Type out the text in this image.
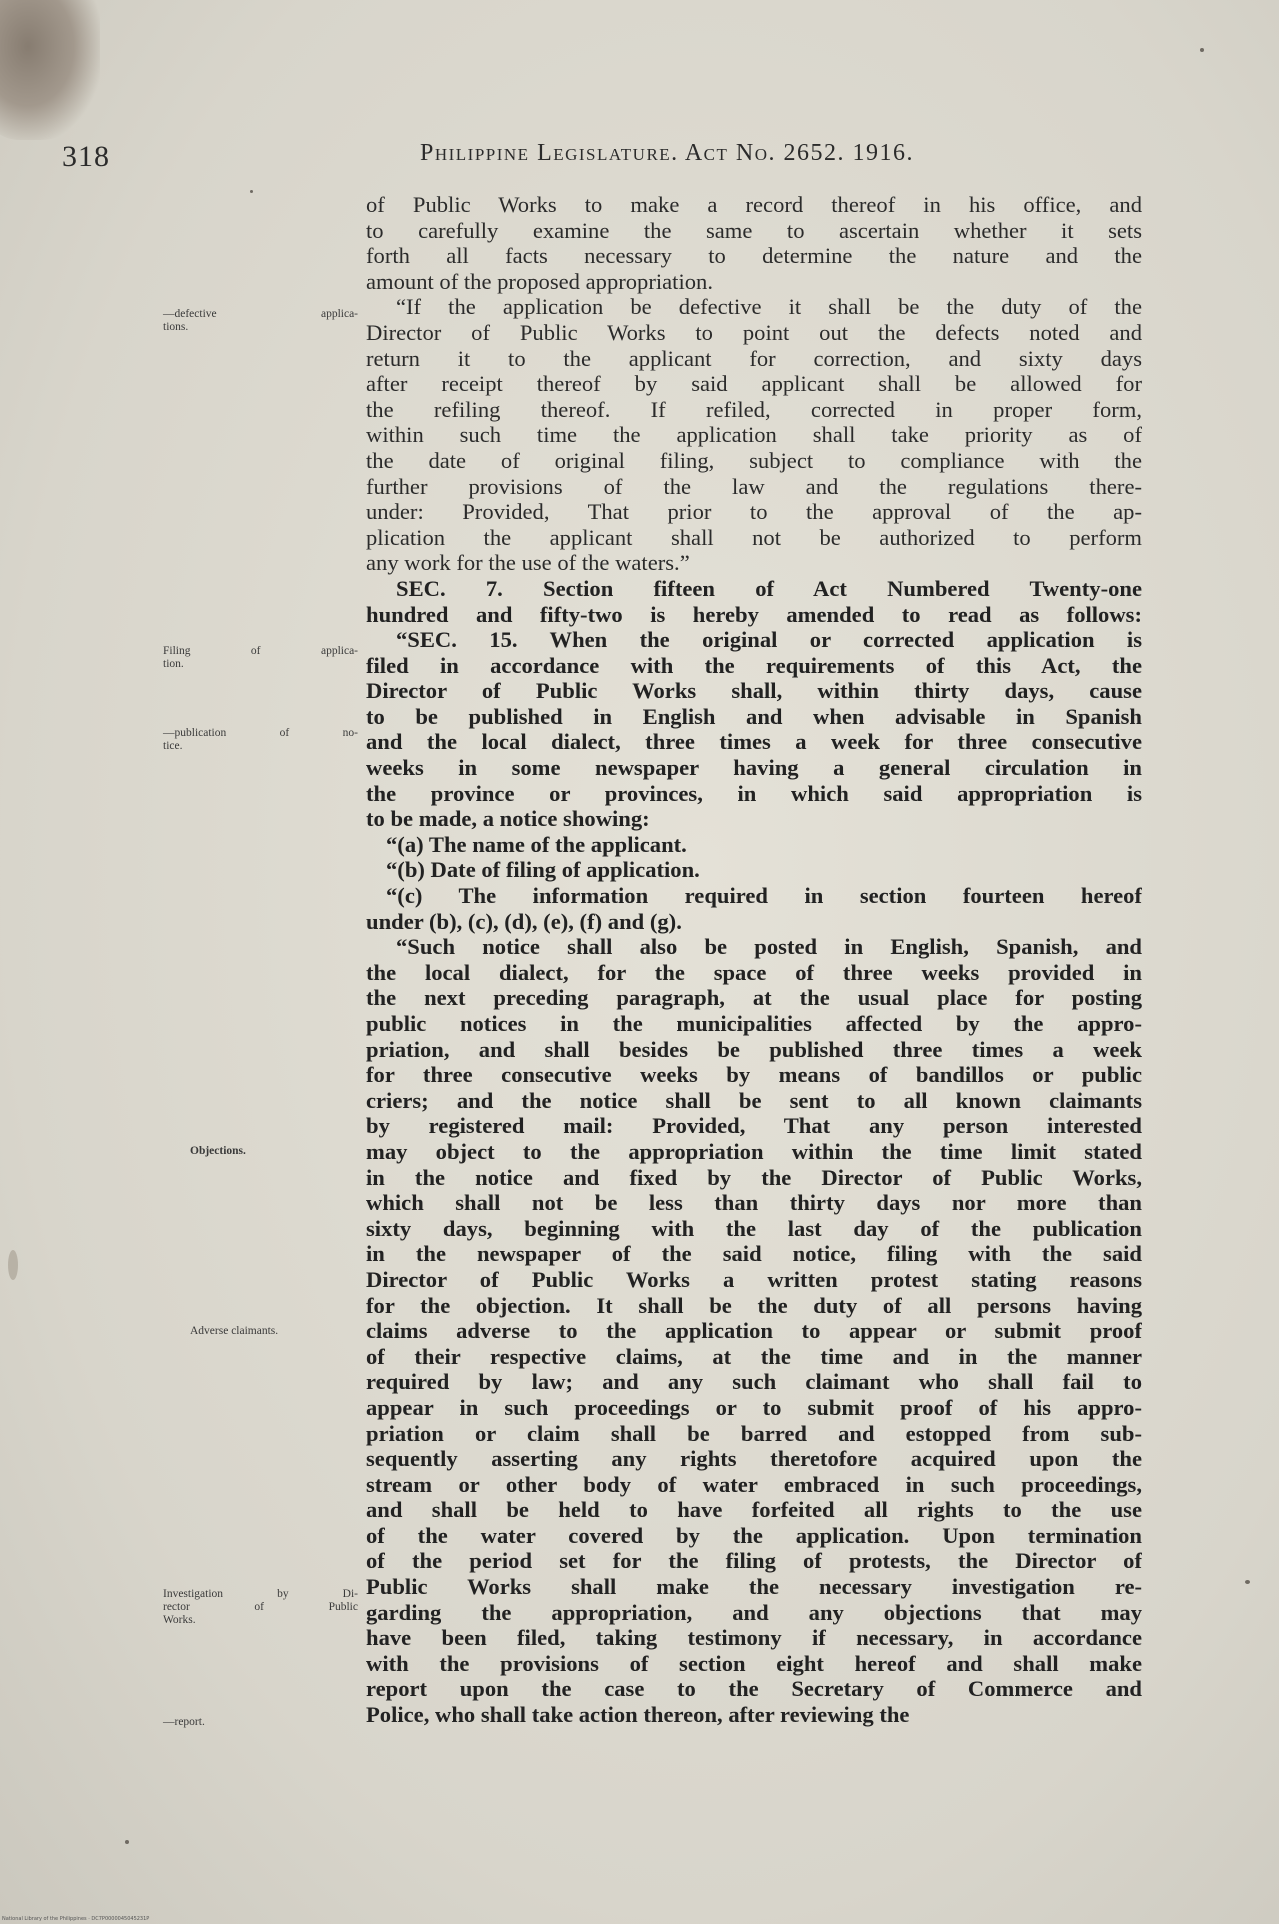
318	Philippine Legislature. Act No. 2652. 1916.
—defective applica-
tions.
Filing of applica-
tion.
—publication of no-
tice.
Objections.
Adverse claimants.
Investigation by Di-
rector of Public
Works.
—report.
of Public Works to make a record thereof in his office, and
to carefully examine the same to ascertain whether it sets
forth all facts necessary to determine the nature and the
amount of the proposed appropriation.
“If the application be defective it shall be the duty of the
Director of Public Works to point out the defects noted and
return it to the applicant for correction, and sixty days
after receipt thereof by said applicant shall be allowed for
the refiling thereof. If refiled, corrected in proper form,
within such time the application shall take priority as of
the date of original filing, subject to compliance with the
further provisions of the law and the regulations there-
under: Provided, That prior to the approval of the ap-
plication the applicant shall not be authorized to perform
any work for the use of the waters.”
SEC. 7. Section fifteen of Act Numbered Twenty-one
hundred and fifty-two is hereby amended to read as follows:
“SEC. 15. When the original or corrected application is
filed in accordance with the requirements of this Act, the
Director of Public Works shall, within thirty days, cause
to be published in English and when advisable in Spanish
and the local dialect, three times a week for three consecutive
weeks in some newspaper having a general circulation in
the province or provinces, in which said appropriation is
to be made, a notice showing:
“(a) The name of the applicant.
“(b) Date of filing of application.
“(c) The information required in section fourteen hereof
under (b), (c), (d), (e), (f) and (g).
“Such notice shall also be posted in English, Spanish, and
the local dialect, for the space of three weeks provided in
the next preceding paragraph, at the usual place for posting
public notices in the municipalities affected by the appro-
priation, and shall besides be published three times a week
for three consecutive weeks by means of bandillos or public
criers; and the notice shall be sent to all known claimants
by registered mail: Provided, That any person interested
may object to the appropriation within the time limit stated
in the notice and fixed by the Director of Public Works,
which shall not be less than thirty days nor more than
sixty days, beginning with the last day of the publication
in the newspaper of the said notice, filing with the said
Director of Public Works a written protest stating reasons
for the objection. It shall be the duty of all persons having
claims adverse to the application to appear or submit proof
of their respective claims, at the time and in the manner
required by law; and any such claimant who shall fail to
appear in such proceedings or to submit proof of his appro-
priation or claim shall be barred and estopped from sub-
sequently asserting any rights theretofore acquired upon the
stream or other body of water embraced in such proceedings,
and shall be held to have forfeited all rights to the use
of the water covered by the application. Upon termination
of the period set for the filing of protests, the Director of
Public Works shall make the necessary investigation re-
garding the appropriation, and any objections that may
have been filed, taking testimony if necessary, in accordance
with the provisions of section eight hereof and shall make
report upon the case to the Secretary of Commerce and
Police, who shall take action thereon, after reviewing the
National Library of the Philippines · DC7P0000045045231P
